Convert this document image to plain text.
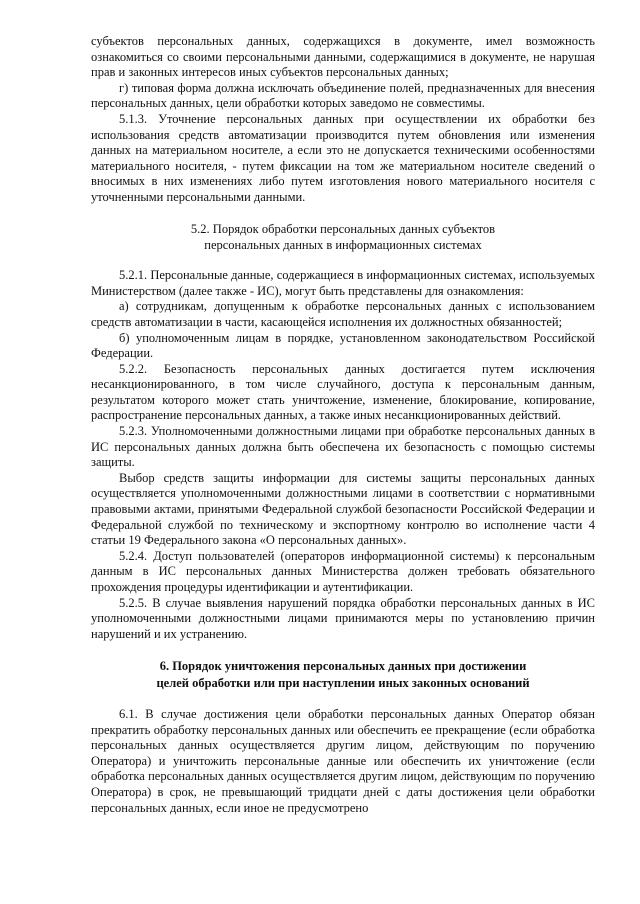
субъектов персональных данных, содержащихся в документе, имел возможность ознакомиться со своими персональными данными, содержащимися в документе, не нарушая прав и законных интересов иных субъектов персональных данных;

г) типовая форма должна исключать объединение полей, предназначенных для внесения персональных данных, цели обработки которых заведомо не совместимы.

5.1.3. Уточнение персональных данных при осуществлении их обработки без использования средств автоматизации производится путем обновления или изменения данных на материальном носителе, а если это не допускается техническими особенностями материального носителя, - путем фиксации на том же материальном носителе сведений о вносимых в них изменениях либо путем изготовления нового материального носителя с уточненными персональными данными.

5.2. Порядок обработки персональных данных субъектов

персональных данных в информационных системах

5.2.1. Персональные данные, содержащиеся в информационных системах, используемых Министерством (далее также - ИС), могут быть представлены для ознакомления:

а) сотрудникам, допущенным к обработке персональных данных с использованием средств автоматизации в части, касающейся исполнения их должностных обязанностей;

б) уполномоченным лицам в порядке, установленном законодательством Российской Федерации.

5.2.2. Безопасность персональных данных достигается путем исключения несанкционированного, в том числе случайного, доступа к персональным данным, результатом которого может стать уничтожение, изменение, блокирование, копирование, распространение персональных данных, а также иных несанкционированных действий.

5.2.3. Уполномоченными должностными лицами при обработке персональных данных в ИС персональных данных должна быть обеспечена их безопасность с помощью системы защиты.

Выбор средств защиты информации для системы защиты персональных данных осуществляется уполномоченными должностными лицами в соответствии с нормативными правовыми актами, принятыми Федеральной службой безопасности Российской Федерации и Федеральной службой по техническому и экспортному контролю во исполнение части 4 статьи 19 Федерального закона «О персональных данных».

5.2.4. Доступ пользователей (операторов информационной системы) к персональным данным в ИС персональных данных Министерства должен требовать обязательного прохождения процедуры идентификации и аутентификации.

5.2.5. В случае выявления нарушений порядка обработки персональных данных в ИС уполномоченными должностными лицами принимаются меры по установлению причин нарушений и их устранению.

6. Порядок уничтожения персональных данных при достижении

целей обработки или при наступлении иных законных оснований

6.1. В случае достижения цели обработки персональных данных Оператор обязан прекратить обработку персональных данных или обеспечить ее прекращение (если обработка персональных данных осуществляется другим лицом, действующим по поручению Оператора) и уничтожить персональные данные или обеспечить их уничтожение (если обработка персональных данных осуществляется другим лицом, действующим по поручению Оператора) в срок, не превышающий тридцати дней с даты достижения цели обработки персональных данных, если иное не предусмотрено
